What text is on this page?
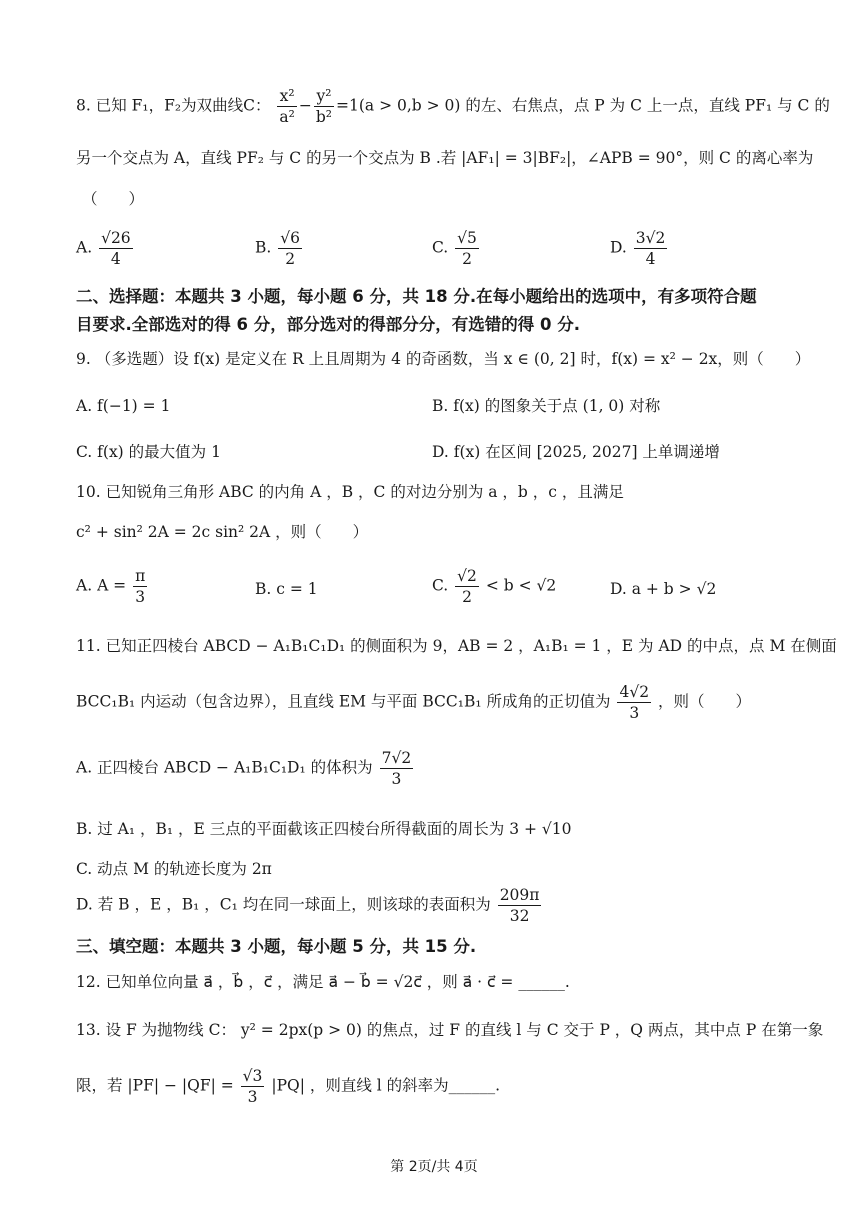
8. 已知 F₁，F₂为双曲线C： $\frac{\text{x²}}{\text{a²}} - \frac{\text{y²}}{\text{b²}} =1(a > 0,b > 0)$ 的左、右焦点，点 P 为 C 上一点，直线 PF₁ 与 C 的
另一个交点为 A，直线 PF₂ 与 C 的另一个交点为 B .若 |AF₁| = 3|BF₂|，∠APB = 90°，则 C 的离心率为
（　　）
A. $\frac{√26}{4}$	B. $\frac{√6}{2}$	C. $\frac{√5}{2}$	D. $\frac{3√2}{4}$
二、选择题：本题共 3 小题，每小题 6 分，共 18 分.在每小题给出的选项中，有多项符合题
目要求.全部选对的得 6 分，部分选对的得部分分，有选错的得 0 分.
9. （多选题）设 f(x) 是定义在 R 上且周期为 4 的奇函数，当 x ∈ (0, 2] 时，f(x) = x² − 2x，则（　　）
A. f(−1) = 1	B. f(x) 的图象关于点 (1, 0) 对称
C. f(x) 的最大值为 1	D. f(x) 在区间 [2025, 2027] 上单调递增
10. 已知锐角三角形 ABC 的内角 A ，B ，C 的对边分别为 a ，b ，c ，且满足
c² + sin² 2A = 2c sin² 2A ，则（　　）
A. $A = \frac{\pi}{3}$	B. c = 1	C. $\frac{√2}{2} < b < √2$	D. a + b > √2
11. 已知正四棱台 ABCD − A₁B₁C₁D₁ 的侧面积为 9，AB = 2 ，A₁B₁ = 1 ，E 为 AD 的中点，点 M 在侧面
BCC₁B₁ 内运动（包含边界），且直线 EM 与平面 BCC₁B₁ 所成角的正切值为 $\frac{4√2}{3}$ ，则（　　）
A. 正四棱台 ABCD − A₁B₁C₁D₁ 的体积为 $\frac{7√2}{3}$
B. 过 A₁ ，B₁ ，E 三点的平面截该正四棱台所得截面的周长为 3 + √10
C. 动点 M 的轨迹长度为 2π
D. 若 B ，E ，B₁ ，C₁ 均在同一球面上，则该球的表面积为 $\frac{209\pi}{32}$
三、填空题：本题共 3 小题，每小题 5 分，共 15 分.
12. 已知单位向量 a⃗ ，b⃗ ，c⃗ ，满足 a⃗ − b⃗ = √2c⃗ ，则 a⃗ · c⃗ = ______.
13. 设 F 为抛物线 C： y² = 2px(p > 0) 的焦点，过 F 的直线 l 与 C 交于 P ，Q 两点，其中点 P 在第一象
限，若 $|PF| - |QF| = \frac{√3}{3} |PQ|$ ，则直线 l 的斜率为______.
第 2页/共 4页
